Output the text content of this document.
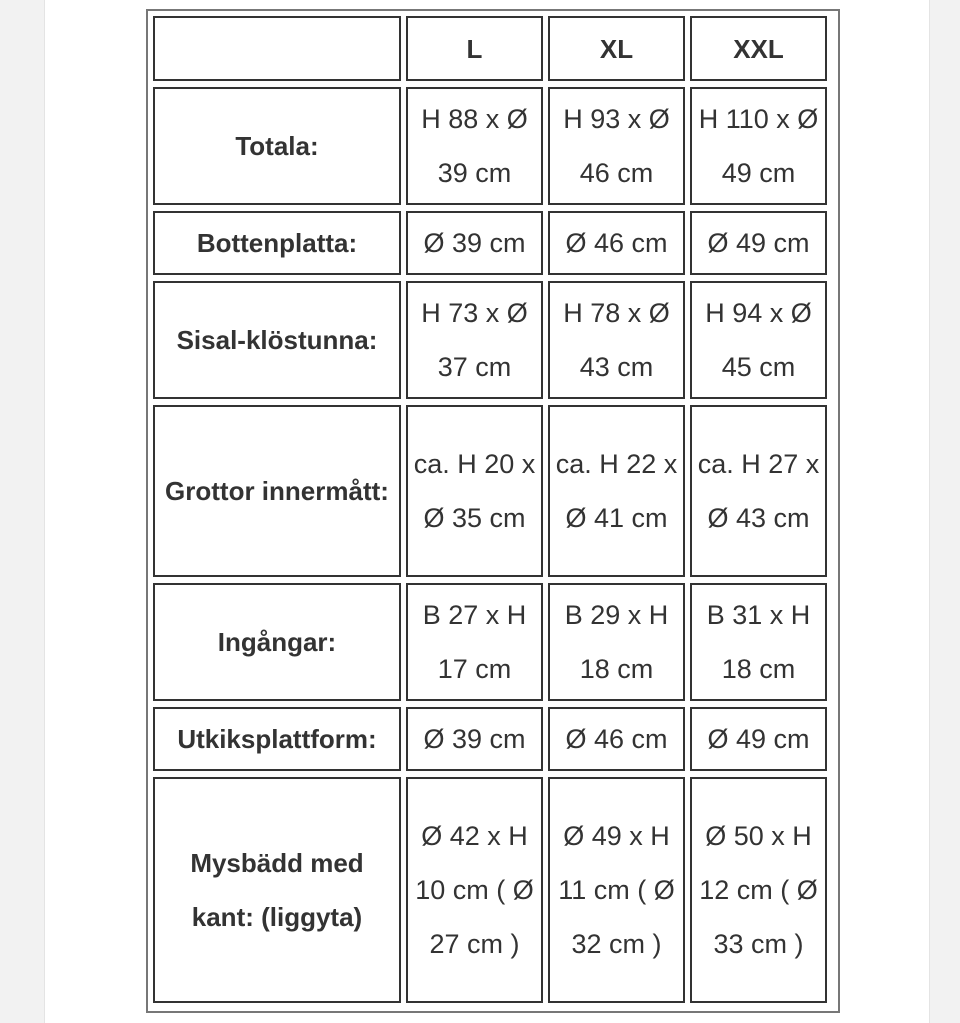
	L	XL	XXL
Totala:	H 88 x Ø 39 cm	H 93 x Ø 46 cm	H 110 x Ø 49 cm
Bottenplatta:	Ø 39 cm	Ø 46 cm	Ø 49 cm
Sisal-klöstunna:	H 73 x Ø 37 cm	H 78 x Ø 43 cm	H 94 x Ø 45 cm
Grottor innermått:	ca. H 20 x Ø 35 cm	ca. H 22 x Ø 41 cm	ca. H 27 x Ø 43 cm
Ingångar:	B 27 x H 17 cm	B 29 x H 18 cm	B 31 x H 18 cm
Utkiksplattform:	Ø 39 cm	Ø 46 cm	Ø 49 cm
Mysbädd med kant: (liggyta)	Ø 42 x H 10 cm ( Ø 27 cm )	Ø 49 x H 11 cm ( Ø 32 cm )	Ø 50 x H 12 cm ( Ø 33 cm )
